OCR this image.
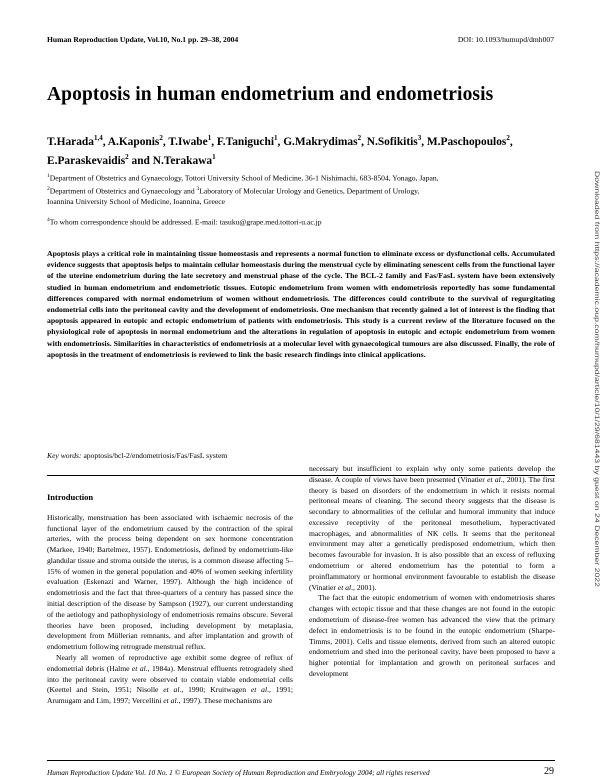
Human Reproduction Update, Vol.10, No.1 pp. 29–38, 2004	DOI: 10.1093/humupd/dmh007
Apoptosis in human endometrium and endometriosis
T.Harada$^{1,4}$, A.Kaponis$^2$, T.Iwabe$^1$, F.Taniguchi$^1$, G.Makrydimas$^2$, N.Sofikitis$^3$, M.Paschopoulos$^2$, E.Paraskevaidis$^2$ and N.Terakawa$^1$

$^1$Department of Obstetrics and Gynaecology, Tottori University School of Medicine, 36-1 Nishimachi, 683-8504, Yonago, Japan,

$^2$Department of Obstetrics and Gynaecology and $^3$Laboratory of Molecular Urology and Genetics, Department of Urology,

Ioannina University School of Medicine, Ioannina, Greece

$^4$To whom correspondence should be addressed. E-mail: tasuku@grape.med.tottori-u.ac.jp
Apoptosis plays a critical role in maintaining tissue homeostasis and represents a normal function to eliminate excess or dysfunctional cells. Accumulated evidence suggests that apoptosis helps to maintain cellular homeostasis during the menstrual cycle by eliminating senescent cells from the functional layer of the uterine endometrium during the late secretory and menstrual phase of the cycle. The BCL-2 family and Fas/FasL system have been extensively studied in human endometrium and endometriotic tissues. Eutopic endometrium from women with endometriosis reportedly has some fundamental differences compared with normal endometrium of women without endometriosis. The differences could contribute to the survival of regurgitating endometrial cells into the peritoneal cavity and the development of endometriosis. One mechanism that recently gained a lot of interest is the finding that apoptosis appeared in eutopic and ectopic endometrium of patients with endometriosis. This study is a current review of the literature focused on the physiological role of apoptosis in normal endometrium and the alterations in regulation of apoptosis in eutopic and ectopic endometrium from women with endometriosis. Similarities in characteristics of endometriosis at a molecular level with gynaecological tumours are also discussed. Finally, the role of apoptosis in the treatment of endometriosis is reviewed to link the basic research findings into clinical applications.
Key words: apoptosis/bcl-2/endometriosis/Fas/FasL system
Introduction

Historically, menstruation has been associated with ischaemic necrosis of the functional layer of the endometrium caused by the contraction of the spiral arteries, with the process being dependent on sex hormone concentration (Markee, 1940; Bartelmez, 1957). Endometriosis, defined by endometrium-like glandular tissue and stroma outside the uterus, is a common disease affecting 5–15% of women in the general population and 40% of women seeking infertility evaluation (Eskenazi and Warner, 1997). Although the high incidence of endometriosis and the fact that three-quarters of a century has passed since the initial description of the disease by Sampson (1927), our current understanding of the aetiology and pathophysiology of endometriosis remains obscure. Several theories have been proposed, including development by metaplasia, development from Müllerian remnants, and after implantation and growth of endometrium following retrograde menstrual reflux.

Nearly all women of reproductive age exhibit some degree of reflux of endometrial debris (Halme et al., 1984a). Menstrual effluents retrogradely shed into the peritoneal cavity were observed to contain viable endometrial cells (Keettel and Stein, 1951; Nisolle et al., 1990; Kruitwagen et al., 1991; Arumugam and Lim, 1997; Vercellini et al., 1997). These mechanisms are

necessary but insufficient to explain why only some patients develop the disease. A couple of views have been presented (Vinatier et al., 2001). The first theory is based on disorders of the endometrium in which it resists normal peritoneal means of cleaning. The second theory suggests that the disease is secondary to abnormalities of the cellular and humoral immunity that induce excessive receptivity of the peritoneal mesothelium, hyperactivated macrophages, and abnormalities of NK cells. It seems that the peritoneal environment may alter a genetically predisposed endometrium, which then becomes favourable for invasion. It is also possible that an excess of refluxing endometrium or altered endometrium has the potential to form a proinflammatory or hormonal environment favourable to establish the disease (Vinatier et al., 2001).

The fact that the eutopic endometrium of women with endometriosis shares changes with ectopic tissue and that these changes are not found in the eutopic endometrium of disease-free women has advanced the view that the primary defect in endometriosis is to be found in the eutopic endometrium (Sharpe-Timms, 2001). Cells and tissue elements, derived from such an altered eutopic endometrium and shed into the peritoneal cavity, have been proposed to have a higher potential for implantation and growth on peritoneal surfaces and development

Human Reproduction Update Vol. 10 No. 1 © European Society of Human Reproduction and Embryology 2004; all rights reserved	29
Downloaded from https://academic.oup.com/humupd/article/10/1/29/681443 by guest on 24 December 2022
